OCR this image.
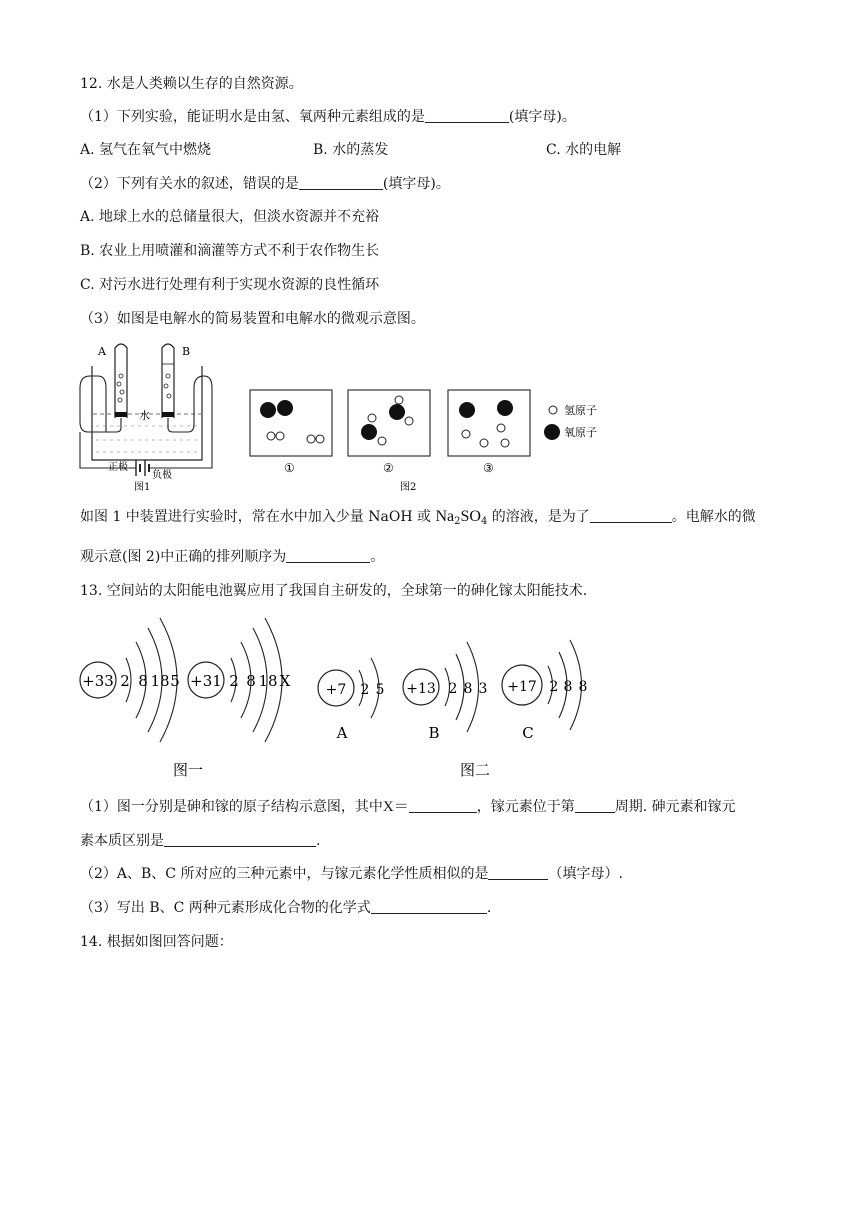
12. 水是人类赖以生存的自然资源。
（1）下列实验，能证明水是由氢、氧两种元素组成的是	(填字母)。
A. 氢气在氧气中燃烧	B. 水的蒸发	C. 水的电解
（2）下列有关水的叙述，错误的是	(填字母)。
A. 地球上水的总储量很大，但淡水资源并不充裕
B. 农业上用喷灌和滴灌等方式不利于农作物生长
C. 对污水进行处理有利于实现水资源的良性循环
（3）如图是电解水的简易装置和电解水的微观示意图。
A	B
水
正极
负极
图1
氢原子
氧原子
①	②	③
图2
如图 1 中装置进行实验时，常在水中加入少量 NaOH 或 $Na_2SO_4$ 的溶液，是为了	。电解水的微
观示意(图 2)中正确的排列顺序为	。
13. 空间站的太阳能电池翼应用了我国自主研发的，全球第一的砷化镓太阳能技术.
+33 2 8 18 5 +31 2 8 18 X
图一
+7 2 5
A
+13 2 8 3
B
+17 2 8 8
C
图二
（1）图一分别是砷和镓的原子结构示意图，其中X＝	，镓元素位于第	周期. 砷元素和镓元
素本质区别是	.
（2）A、B、C 所对应的三种元素中，与镓元素化学性质相似的是	（填字母）.
（3）写出 B、C 两种元素形成化合物的化学式	.
14. 根据如图回答问题：
